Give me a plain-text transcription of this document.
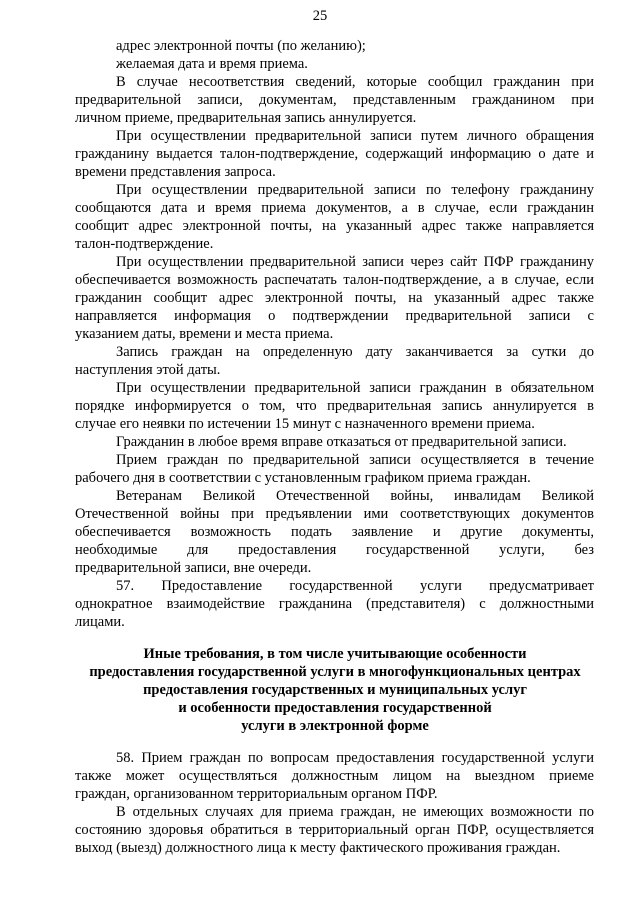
25
адрес электронной почты (по желанию);
желаемая дата и время приема.
В случае несоответствия сведений, которые сообщил гражданин при
предварительной записи, документам, представленным гражданином при
личном приеме, предварительная запись аннулируется.
При осуществлении предварительной записи путем личного обращения
гражданину выдается талон-подтверждение, содержащий информацию о дате и
времени представления запроса.
При осуществлении предварительной записи по телефону гражданину
сообщаются дата и время приема документов, а в случае, если гражданин
сообщит адрес электронной почты, на указанный адрес также направляется
талон-подтверждение.
При осуществлении предварительной записи через сайт ПФР гражданину
обеспечивается возможность распечатать талон-подтверждение, а в случае, если
гражданин сообщит адрес электронной почты, на указанный адрес также
направляется информация о подтверждении предварительной записи с
указанием даты, времени и места приема.
Запись граждан на определенную дату заканчивается за сутки до
наступления этой даты.
При осуществлении предварительной записи гражданин в обязательном
порядке информируется о том, что предварительная запись аннулируется в
случае его неявки по истечении 15 минут с назначенного времени приема.
Гражданин в любое время вправе отказаться от предварительной записи.
Прием граждан по предварительной записи осуществляется в течение
рабочего дня в соответствии с установленным графиком приема граждан.
Ветеранам Великой Отечественной войны, инвалидам Великой
Отечественной войны при предъявлении ими соответствующих документов
обеспечивается возможность подать заявление и другие документы,
необходимые для предоставления государственной услуги, без
предварительной записи, вне очереди.
57. Предоставление государственной услуги предусматривает
однократное взаимодействие гражданина (представителя) с должностными
лицами.
Иные требования, в том числе учитывающие особенности
предоставления государственной услуги в многофункциональных центрах
предоставления государственных и муниципальных услуг
и особенности предоставления государственной
услуги в электронной форме
58. Прием граждан по вопросам предоставления государственной услуги
также может осуществляться должностным лицом на выездном приеме
граждан, организованном территориальным органом ПФР.
В отдельных случаях для приема граждан, не имеющих возможности по
состоянию здоровья обратиться в территориальный орган ПФР, осуществляется
выход (выезд) должностного лица к месту фактического проживания граждан.
